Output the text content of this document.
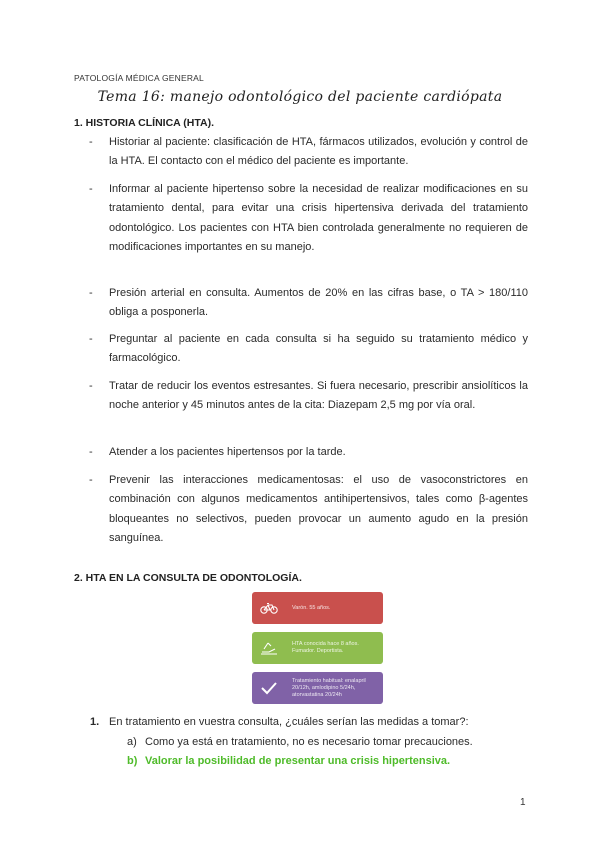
PATOLOGÍA MÉDICA GENERAL
Tema 16: manejo odontológico del paciente cardiópata
1. HISTORIA CLÍNICA (HTA).
-	Historiar al paciente: clasificación de HTA, fármacos utilizados, evolución y control de la HTA. El contacto con el médico del paciente es importante.
-	Informar al paciente hipertenso sobre la necesidad de realizar modificaciones en su tratamiento dental, para evitar una crisis hipertensiva derivada del tratamiento odontológico. Los pacientes con HTA bien controlada generalmente no requieren de modificaciones importantes en su manejo.
-	Presión arterial en consulta. Aumentos de 20% en las cifras base, o TA > 180/110 obliga a posponerla.
-	Preguntar al paciente en cada consulta si ha seguido su tratamiento médico y farmacológico.
-	Tratar de reducir los eventos estresantes. Si fuera necesario, prescribir ansiolíticos la noche anterior y 45 minutos antes de la cita: Diazepam 2,5 mg por vía oral.
-	Atender a los pacientes hipertensos por la tarde.
-	Prevenir las interacciones medicamentosas: el uso de vasoconstrictores en combinación con algunos medicamentos antihipertensivos, tales como β-agentes bloqueantes no selectivos, pueden provocar un aumento agudo en la presión sanguínea.
2. HTA EN LA CONSULTA DE ODONTOLOGÍA.
Varón. 55 años.
HTA conocida hace 8 años. Fumador. Deportista.
Tratamiento habitual: enalapril 20/12h, amlodipino 5/24h, atorvastatina 20/24h
1. En tratamiento en vuestra consulta, ¿cuáles serían las medidas a tomar?:
a) Como ya está en tratamiento, no es necesario tomar precauciones.
b) Valorar la posibilidad de presentar una crisis hipertensiva.
1
